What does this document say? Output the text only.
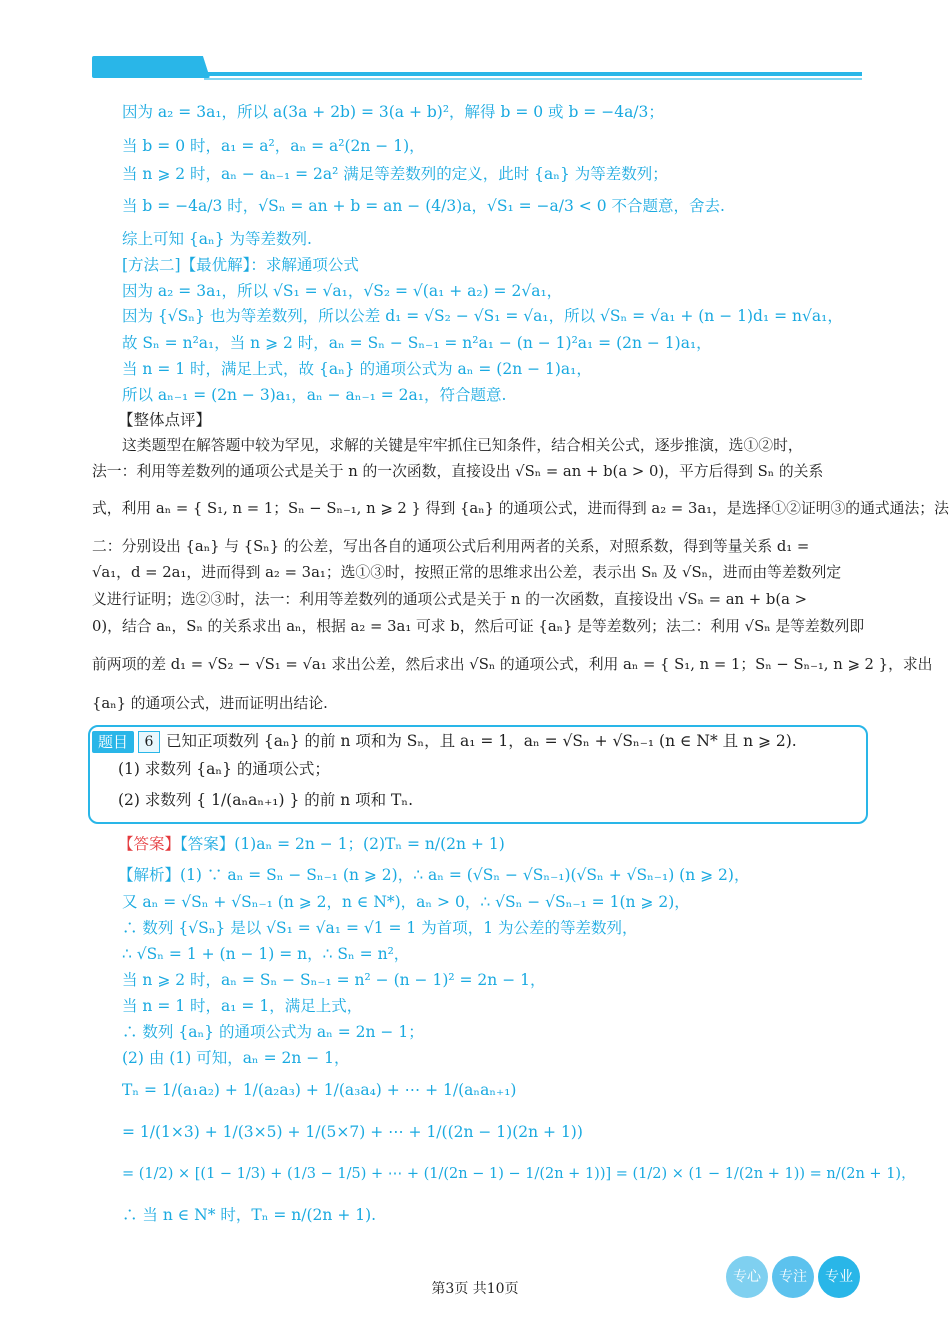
因为 a₂ = 3a₁，所以 a(3a + 2b) = 3(a + b)²，解得 b = 0 或 b = −4a/3；
当 b = 0 时，a₁ = a²，aₙ = a²(2n − 1)，
当 n ⩾ 2 时，aₙ − aₙ₋₁ = 2a² 满足等差数列的定义，此时 {aₙ} 为等差数列；
当 b = −4a/3 时，√Sₙ = an + b = an − (4/3)a，√S₁ = −a/3 < 0 不合题意，舍去.
综上可知 {aₙ} 为等差数列.
[方法二]【最优解】：求解通项公式
因为 a₂ = 3a₁，所以 √S₁ = √a₁，√S₂ = √(a₁ + a₂) = 2√a₁，
因为 {√Sₙ} 也为等差数列，所以公差 d₁ = √S₂ − √S₁ = √a₁，所以 √Sₙ = √a₁ + (n − 1)d₁ = n√a₁，
故 Sₙ = n²a₁，当 n ⩾ 2 时，aₙ = Sₙ − Sₙ₋₁ = n²a₁ − (n − 1)²a₁ = (2n − 1)a₁，
当 n = 1 时，满足上式，故 {aₙ} 的通项公式为 aₙ = (2n − 1)a₁，
所以 aₙ₋₁ = (2n − 3)a₁，aₙ − aₙ₋₁ = 2a₁，符合题意.
【整体点评】
这类题型在解答题中较为罕见，求解的关键是牢牢抓住已知条件，结合相关公式，逐步推演，选①②时，
法一：利用等差数列的通项公式是关于 n 的一次函数，直接设出 √Sₙ = an + b(a > 0)，平方后得到 Sₙ 的关系
式，利用 aₙ = { S₁, n = 1；Sₙ − Sₙ₋₁, n ⩾ 2 } 得到 {aₙ} 的通项公式，进而得到 a₂ = 3a₁，是选择①②证明③的通式通法；法
二：分别设出 {aₙ} 与 {Sₙ} 的公差，写出各自的通项公式后利用两者的关系，对照系数，得到等量关系 d₁ =
√a₁，d = 2a₁，进而得到 a₂ = 3a₁；选①③时，按照正常的思维求出公差，表示出 Sₙ 及 √Sₙ，进而由等差数列定
义进行证明；选②③时，法一：利用等差数列的通项公式是关于 n 的一次函数，直接设出 √Sₙ = an + b(a >
0)，结合 aₙ，Sₙ 的关系求出 aₙ，根据 a₂ = 3a₁ 可求 b，然后可证 {aₙ} 是等差数列；法二：利用 √Sₙ 是等差数列即
前两项的差 d₁ = √S₂ − √S₁ = √a₁ 求出公差，然后求出 √Sₙ 的通项公式，利用 aₙ = { S₁, n = 1；Sₙ − Sₙ₋₁, n ⩾ 2 }，求出
{aₙ} 的通项公式，进而证明出结论.
题目	6 已知正项数列 {aₙ} 的前 n 项和为 Sₙ，且 a₁ = 1，aₙ = √Sₙ + √Sₙ₋₁ (n ∈ N* 且 n ⩾ 2).
(1) 求数列 {aₙ} 的通项公式；
(2) 求数列 { 1/(aₙaₙ₊₁) } 的前 n 项和 Tₙ.
【答案】【答案】(1)aₙ = 2n − 1；(2)Tₙ = n/(2n + 1)
【解析】(1) ∵ aₙ = Sₙ − Sₙ₋₁ (n ⩾ 2)，∴ aₙ = (√Sₙ − √Sₙ₋₁)(√Sₙ + √Sₙ₋₁) (n ⩾ 2)，
又 aₙ = √Sₙ + √Sₙ₋₁ (n ⩾ 2，n ∈ N*)，aₙ > 0，∴ √Sₙ − √Sₙ₋₁ = 1(n ⩾ 2)，
∴ 数列 {√Sₙ} 是以 √S₁ = √a₁ = √1 = 1 为首项，1 为公差的等差数列，
∴ √Sₙ = 1 + (n − 1) = n，∴ Sₙ = n²，
当 n ⩾ 2 时，aₙ = Sₙ − Sₙ₋₁ = n² − (n − 1)² = 2n − 1，
当 n = 1 时，a₁ = 1，满足上式，
∴ 数列 {aₙ} 的通项公式为 aₙ = 2n − 1；
(2) 由 (1) 可知，aₙ = 2n − 1，
Tₙ = 1/(a₁a₂) + 1/(a₂a₃) + 1/(a₃a₄) + ⋯ + 1/(aₙaₙ₊₁)
= 1/(1×3) + 1/(3×5) + 1/(5×7) + ⋯ + 1/((2n − 1)(2n + 1))
= (1/2) × [(1 − 1/3) + (1/3 − 1/5) + ⋯ + (1/(2n − 1) − 1/(2n + 1))] = (1/2) × (1 − 1/(2n + 1)) = n/(2n + 1)，
∴ 当 n ∈ N* 时，Tₙ = n/(2n + 1).
第3页 共10页
专心	专注	专业
